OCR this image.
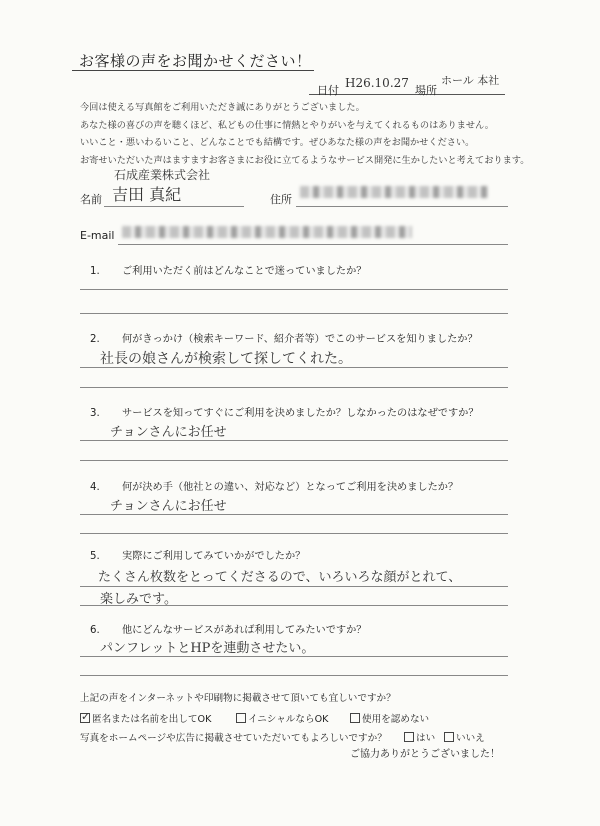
お客様の声をお聞かせください！
日付
H26.10.27
場所
ホール 本社
今回は使える写真館をご利用いただき誠にありがとうございました。
あなた様の喜びの声を聴くほど、私どもの仕事に情熱とやりがいを与えてくれるものはありません。
いいこと・悪いわるいこと、どんなことでも結構です。ぜひあなた様の声をお聞かせください。
お寄せいただいた声はますますお客さまにお役に立てるようなサービス開発に生かしたいと考えております。
石成産業株式会社
名前 吉田 真紀	住所
E-mail
1. ご利用いただく前はどんなことで迷っていましたか？
2. 何がきっかけ（検索キーワード、紹介者等）でこのサービスを知りましたか？
社長の娘さんが検索して探してくれた。
3. サービスを知ってすぐにご利用を決めましたか？しなかったのはなぜですか？
チョンさんにお任せ
4. 何が決め手（他社との違い、対応など）となってご利用を決めましたか？
チョンさんにお任せ
5. 実際にご利用してみていかがでしたか？
たくさん枚数をとってくださるので、いろいろな顔がとれて、
楽しみです。
6. 他にどんなサービスがあれば利用してみたいですか？
パンフレットとHPを連動させたい。
上記の声をインターネットや印刷物に掲載させて頂いても宜しいですか？
✓ 匿名または名前を出してOK	イニシャルならOK	使用を認めない
写真をホームページや広告に掲載させていただいてもよろしいですか？	はい	いいえ
ご協力ありがとうございました！
